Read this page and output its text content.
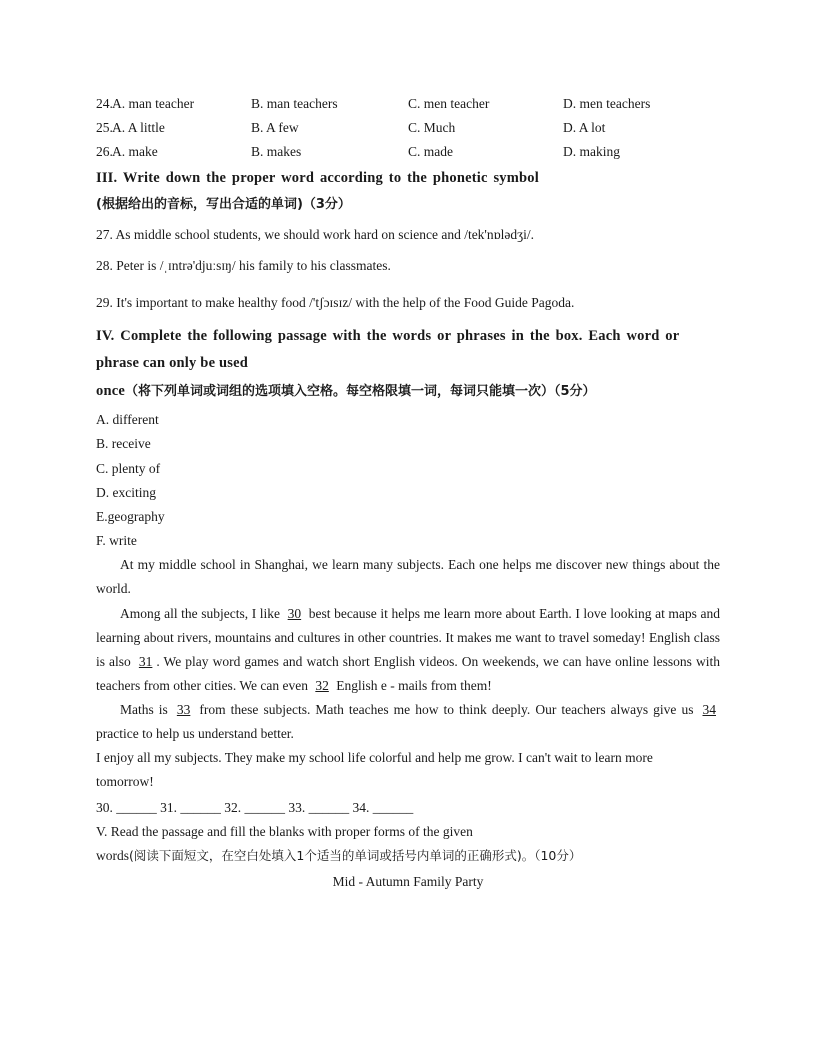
24. A. man teacher	B. man teachers	C. men teacher	D. men teachers
25. A. A little	B. A few	C. Much	D. A lot
26. A. make	B. makes	C. made	D. making
III. Write down the proper word according to the phonetic symbol
(根据给出的音标，写出合适的单词)（3分）
27. As middle school students, we should work hard on science and /tek'nɒlədʒi/.
28. Peter is /ˌɪntrə'djuːsɪŋ/ his family to his classmates.
29. It's important to make healthy food /'tʃɔɪsɪz/ with the help of the Food Guide Pagoda.
IV. Complete the following passage with the words or phrases in the box. Each word or
phrase can only be used
once（将下列单词或词组的选项填入空格。每空格限填一词，每词只能填一次）（5分）
A. different
B. receive
C. plenty of
D. exciting
E.geography
F. write
At my middle school in Shanghai, we learn many subjects. Each one helps me discover new things about the world.
Among all the subjects, I like 30 best because it helps me learn more about Earth. I love looking at maps and learning about rivers, mountains and cultures in other countries. It makes me want to travel someday! English class is also 31 . We play word games and watch short English videos. On weekends, we can have online lessons with teachers from other cities. We can even 32 English e - mails from them!
Maths is 33 from these subjects. Math teaches me how to think deeply. Our teachers always give us 34 practice to help us understand better.
I enjoy all my subjects. They make my school life colorful and help me grow. I can't wait to learn more tomorrow!
30. ______ 31. ______ 32. ______ 33. ______ 34. ______
V. Read the passage and fill the blanks with proper forms of the given
words(阅读下面短文，在空白处填入1个适当的单词或括号内单词的正确形式)。（10分）
Mid - Autumn Family Party
